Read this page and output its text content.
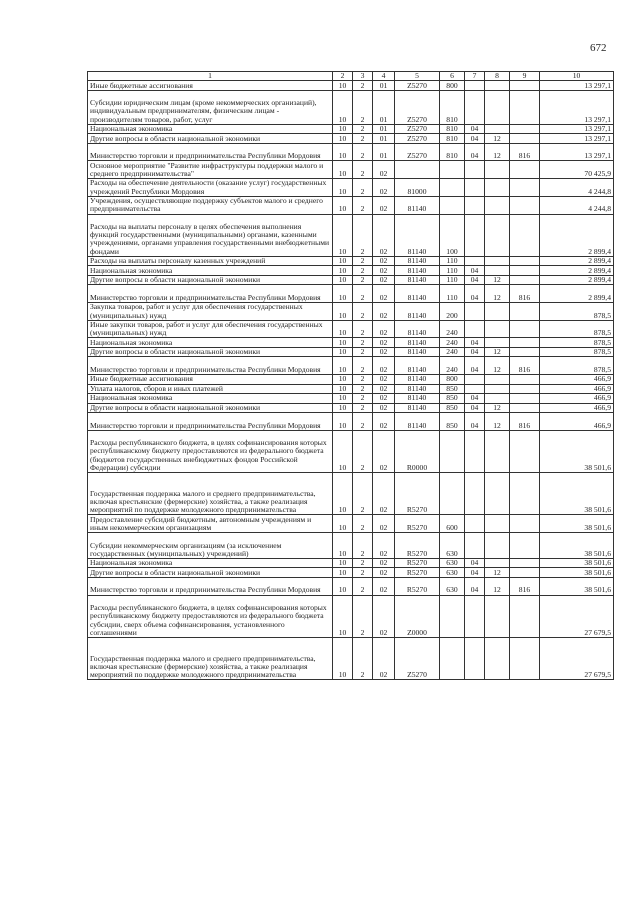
672
1	2	3	4	5	6	7	8	9	10
Иные бюджетные ассигнования	10	2	01	Z5270	800				13 297,1
Субсидии юридическим лицам (кроме некоммерческих организаций), индивидуальным предпринимателям, физическим лицам - производителям товаров, работ, услуг	10	2	01	Z5270	810				13 297,1
Национальная экономика	10	2	01	Z5270	810	04			13 297,1
Другие вопросы в области национальной экономики	10	2	01	Z5270	810	04	12		13 297,1
Министерство торговли и предпринимательства Республики Мордовия	10	2	01	Z5270	810	04	12	816	13 297,1
Основное мероприятие "Развитие инфраструктуры поддержки малого и среднего предпринимательства"	10	2	02						70 425,9
Расходы на обеспечение деятельности (оказание услуг) государственных учреждений Республики Мордовия	10	2	02	81000					4 244,8
Учреждения, осуществляющие поддержку субъектов малого и среднего предпринимательства	10	2	02	81140					4 244,8
Расходы на выплаты персоналу в целях обеспечения выполнения функций государственными (муниципальными) органами, казенными учреждениями, органами управления государственными внебюджетными фондами	10	2	02	81140	100				2 899,4
Расходы на выплаты персоналу казенных учреждений	10	2	02	81140	110				2 899,4
Национальная экономика	10	2	02	81140	110	04			2 899,4
Другие вопросы в области национальной экономики	10	2	02	81140	110	04	12		2 899,4
Министерство торговли и предпринимательства Республики Мордовия	10	2	02	81140	110	04	12	816	2 899,4
Закупка товаров, работ и услуг для обеспечения государственных (муниципальных) нужд	10	2	02	81140	200				878,5
Иные закупки товаров, работ и услуг для обеспечения государственных (муниципальных) нужд	10	2	02	81140	240				878,5
Национальная экономика	10	2	02	81140	240	04			878,5
Другие вопросы в области национальной экономики	10	2	02	81140	240	04	12		878,5
Министерство торговли и предпринимательства Республики Мордовия	10	2	02	81140	240	04	12	816	878,5
Иные бюджетные ассигнования	10	2	02	81140	800				466,9
Уплата налогов, сборов и иных платежей	10	2	02	81140	850				466,9
Национальная экономика	10	2	02	81140	850	04			466,9
Другие вопросы в области национальной экономики	10	2	02	81140	850	04	12		466,9
Министерство торговли и предпринимательства Республики Мордовия	10	2	02	81140	850	04	12	816	466,9
Расходы республиканского бюджета, в целях софинансирования которых республиканскому бюджету предоставляются из федерального бюджета (бюджетов государственных внебюджетных фондов Российской Федерации) субсидии	10	2	02	R0000					38 501,6
Государственная поддержка малого и среднего предпринимательства, включая крестьянские (фермерские) хозяйства, а также реализация мероприятий по поддержке молодежного предпринимательства	10	2	02	R5270					38 501,6
Предоставление субсидий бюджетным, автономным учреждениям и иным некоммерческим организациям	10	2	02	R5270	600				38 501,6
Субсидии некоммерческим организациям (за исключением государственных (муниципальных) учреждений)	10	2	02	R5270	630				38 501,6
Национальная экономика	10	2	02	R5270	630	04			38 501,6
Другие вопросы в области национальной экономики	10	2	02	R5270	630	04	12		38 501,6
Министерство торговли и предпринимательства Республики Мордовия	10	2	02	R5270	630	04	12	816	38 501,6
Расходы республиканского бюджета, в целях софинансирования которых республиканскому бюджету предоставляются из федерального бюджета субсидии, сверх объема софинансирования, установленного соглашениями	10	2	02	Z0000					27 679,5
Государственная поддержка малого и среднего предпринимательства, включая крестьянские (фермерские) хозяйства, а также реализация мероприятий по поддержке молодежного предпринимательства	10	2	02	Z5270					27 679,5
